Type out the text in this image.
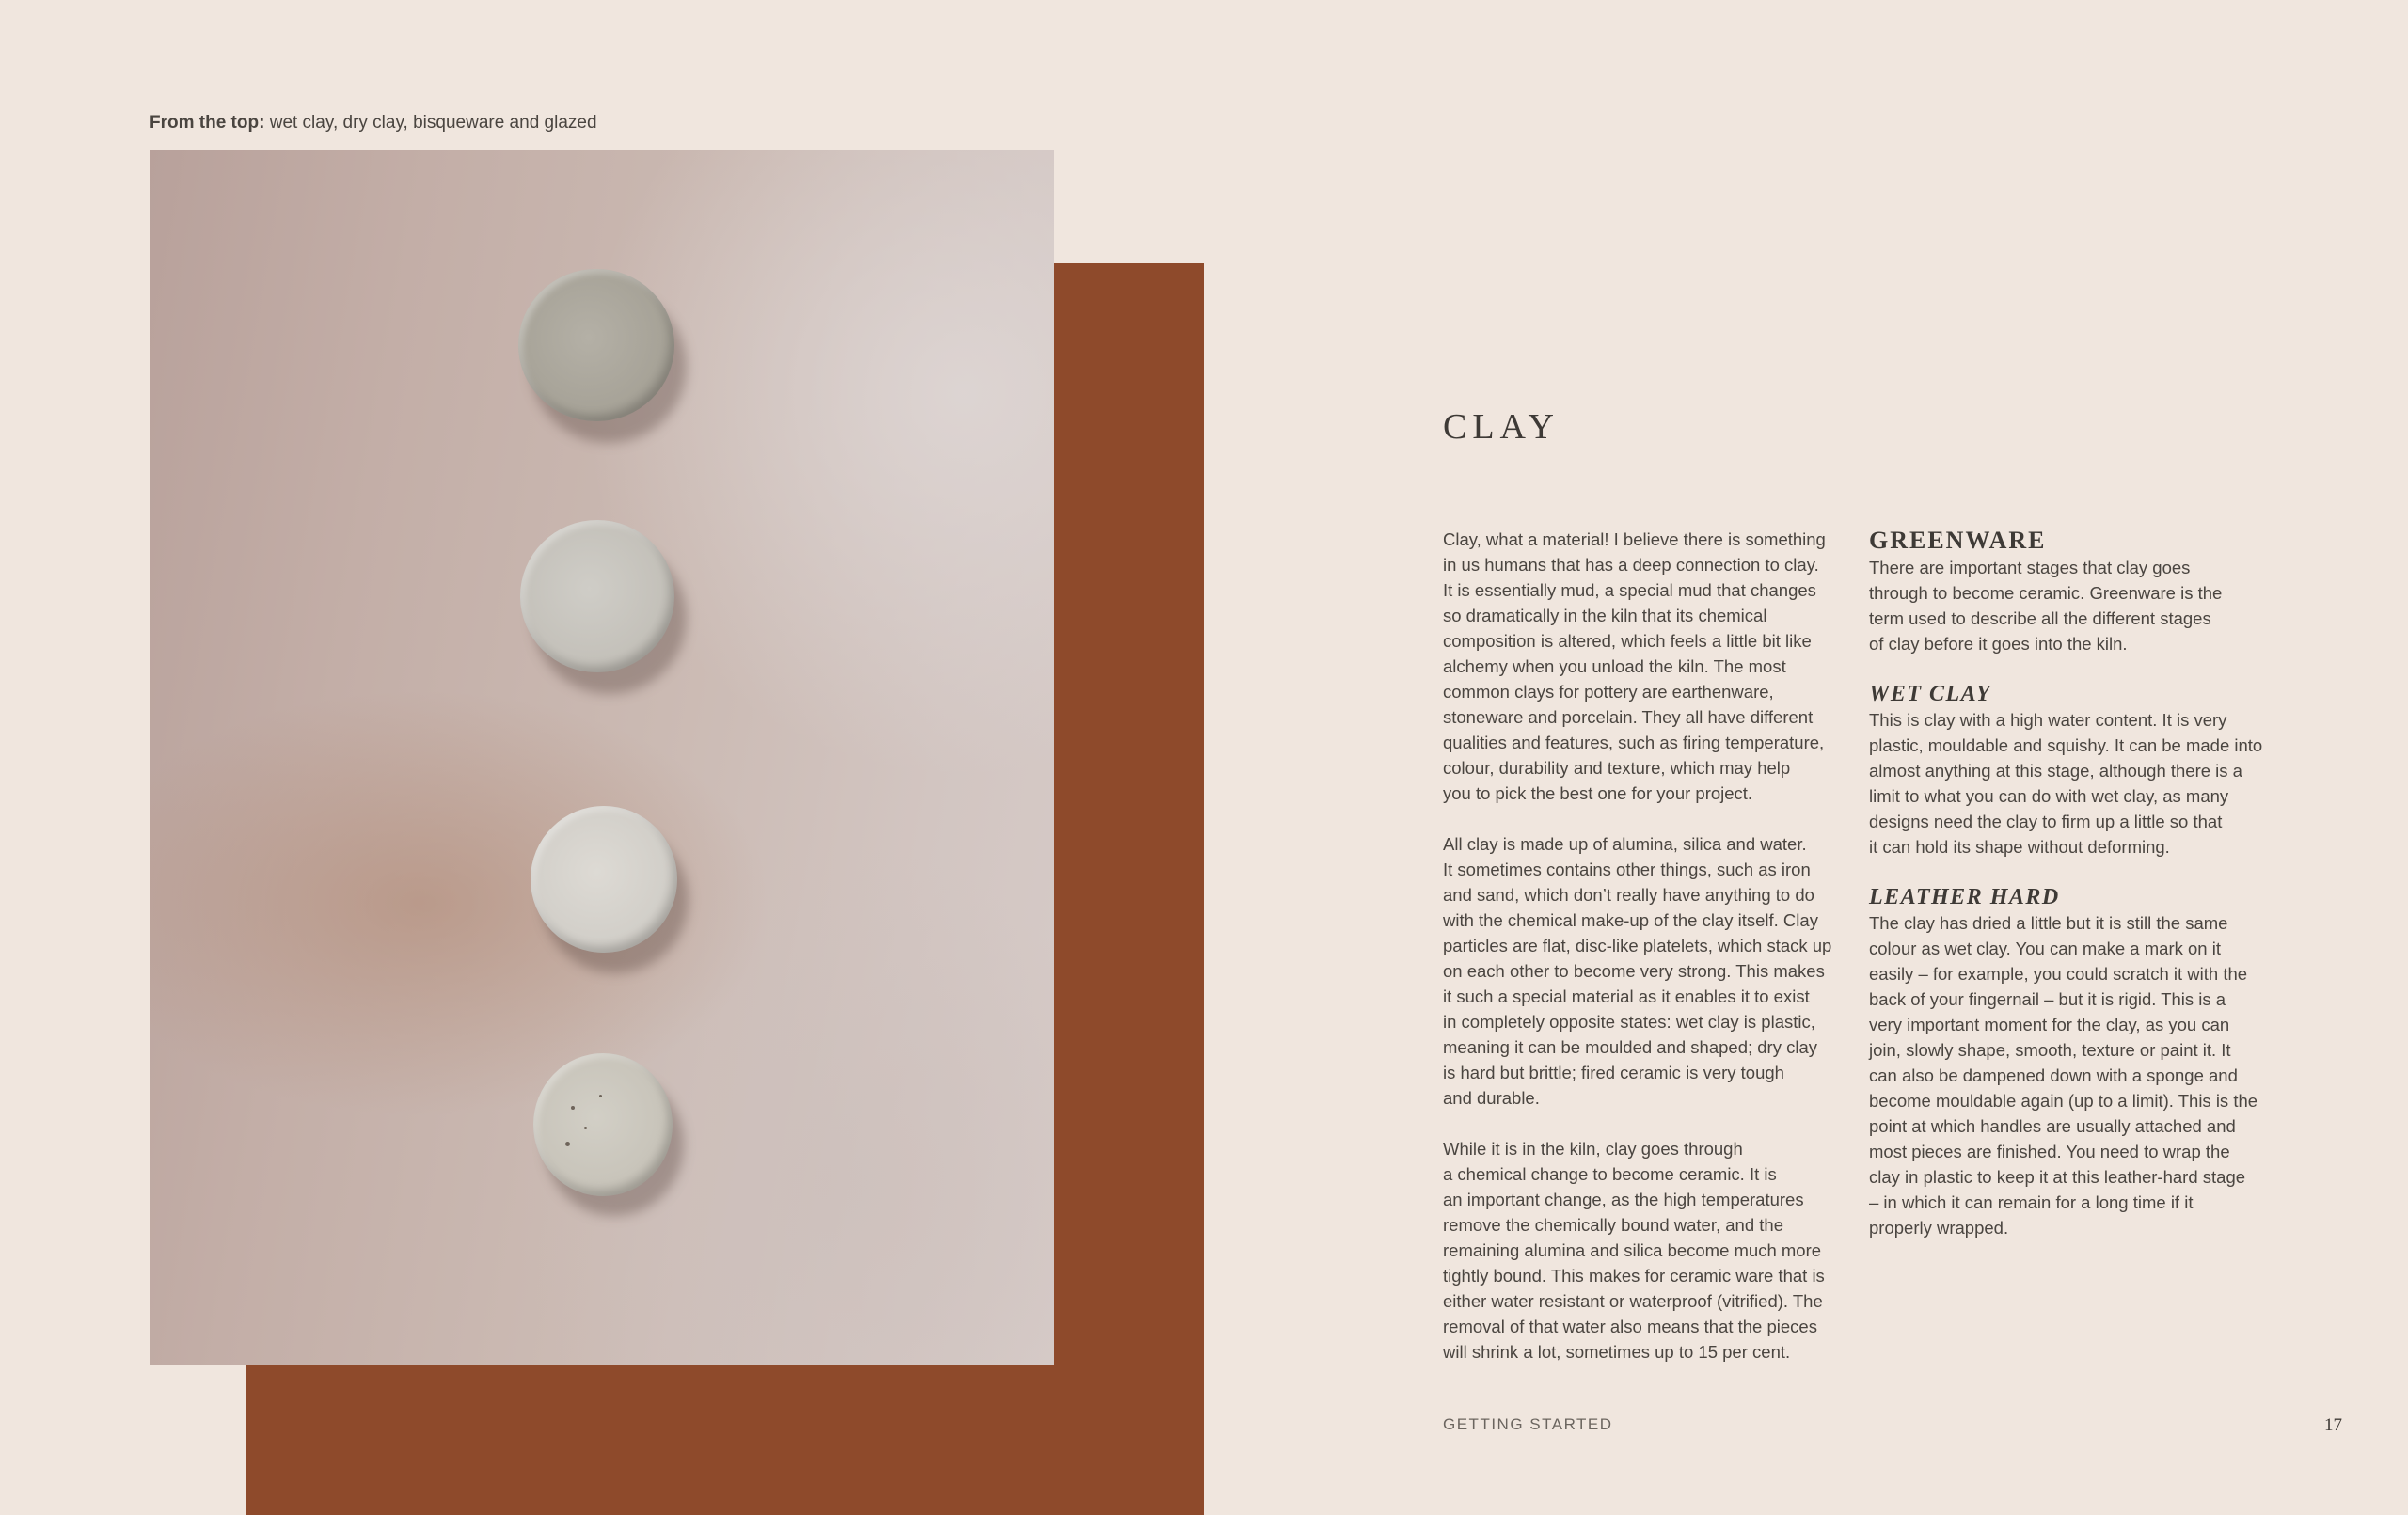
From the top: wet clay, dry clay, bisqueware and glazed
CLAY

Clay, what a material! I believe there is something
in us humans that has a deep connection to clay.
It is essentially mud, a special mud that changes
so dramatically in the kiln that its chemical
composition is altered, which feels a little bit like
alchemy when you unload the kiln. The most
common clays for pottery are earthenware,
stoneware and porcelain. They all have different
qualities and features, such as firing temperature,
colour, durability and texture, which may help
you to pick the best one for your project.

All clay is made up of alumina, silica and water.
It sometimes contains other things, such as iron
and sand, which don’t really have anything to do
with the chemical make-up of the clay itself. Clay
particles are flat, disc-like platelets, which stack up
on each other to become very strong. This makes
it such a special material as it enables it to exist
in completely opposite states: wet clay is plastic,
meaning it can be moulded and shaped; dry clay
is hard but brittle; fired ceramic is very tough
and durable.

While it is in the kiln, clay goes through
a chemical change to become ceramic. It is
an important change, as the high temperatures
remove the chemically bound water, and the
remaining alumina and silica become much more
tightly bound. This makes for ceramic ware that is
either water resistant or waterproof (vitrified). The
removal of that water also means that the pieces
will shrink a lot, sometimes up to 15 per cent.

GREENWARE
There are important stages that clay goes
through to become ceramic. Greenware is the
term used to describe all the different stages
of clay before it goes into the kiln.
WET CLAY
This is clay with a high water content. It is very
plastic, mouldable and squishy. It can be made into
almost anything at this stage, although there is a
limit to what you can do with wet clay, as many
designs need the clay to firm up a little so that
it can hold its shape without deforming.
LEATHER HARD
The clay has dried a little but it is still the same
colour as wet clay. You can make a mark on it
easily – for example, you could scratch it with the
back of your fingernail – but it is rigid. This is a
very important moment for the clay, as you can
join, slowly shape, smooth, texture or paint it. It
can also be dampened down with a sponge and
become mouldable again (up to a limit). This is the
point at which handles are usually attached and
most pieces are finished. You need to wrap the
clay in plastic to keep it at this leather-hard stage
– in which it can remain for a long time if it
properly wrapped.
GETTING STARTED	17
